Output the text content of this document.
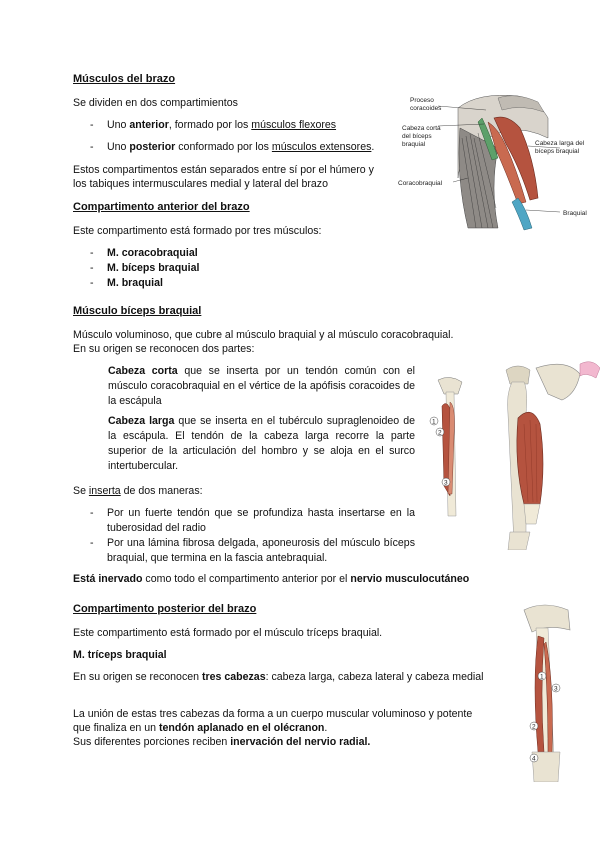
Músculos del brazo
Se dividen en dos compartimientos
- Uno anterior, formado por los músculos flexores
- Uno posterior conformado por los músculos extensores.
Estos compartimentos están separados entre sí por el húmero y
los tabiques intermusculares medial y lateral del brazo
Proceso
coracoides
Cabeza corta
del bíceps
braquial
Coracobraquial
Cabeza larga del
bíceps braquial
Braquial
Compartimento anterior del brazo
Este compartimento está formado por tres músculos:
- M. coracobraquial
- M. bíceps braquial
- M. braquial
Músculo bíceps braquial
Músculo voluminoso, que cubre al músculo braquial y al músculo coracobraquial.
En su origen se reconocen dos partes:
Cabeza corta que se inserta por un tendón común con el músculo coracobraquial en el vértice de la apófisis coracoides de la escápula
Cabeza larga que se inserta en el tubérculo supraglenoideo de la escápula. El tendón de la cabeza larga recorre la parte superior de la articulación del hombro y se aloja en el surco intertubercular.
Se inserta de dos maneras:
- Por un fuerte tendón que se profundiza hasta insertarse en la tuberosidad del radio
- Por una lámina fibrosa delgada, aponeurosis del músculo bíceps braquial, que termina en la fascia antebraquial.
Está inervado como todo el compartimento anterior por el nervio musculocutáneo
1
2
3
Compartimento posterior del brazo
Este compartimento está formado por el músculo tríceps braquial.
M. tríceps braquial
En su origen se reconocen tres cabezas: cabeza larga, cabeza lateral y cabeza medial
La unión de estas tres cabezas da forma a un cuerpo muscular voluminoso y potente
que finaliza en un tendón aplanado en el olécranon.
Sus diferentes porciones reciben inervación del nervio radial.
1
3
2
4
